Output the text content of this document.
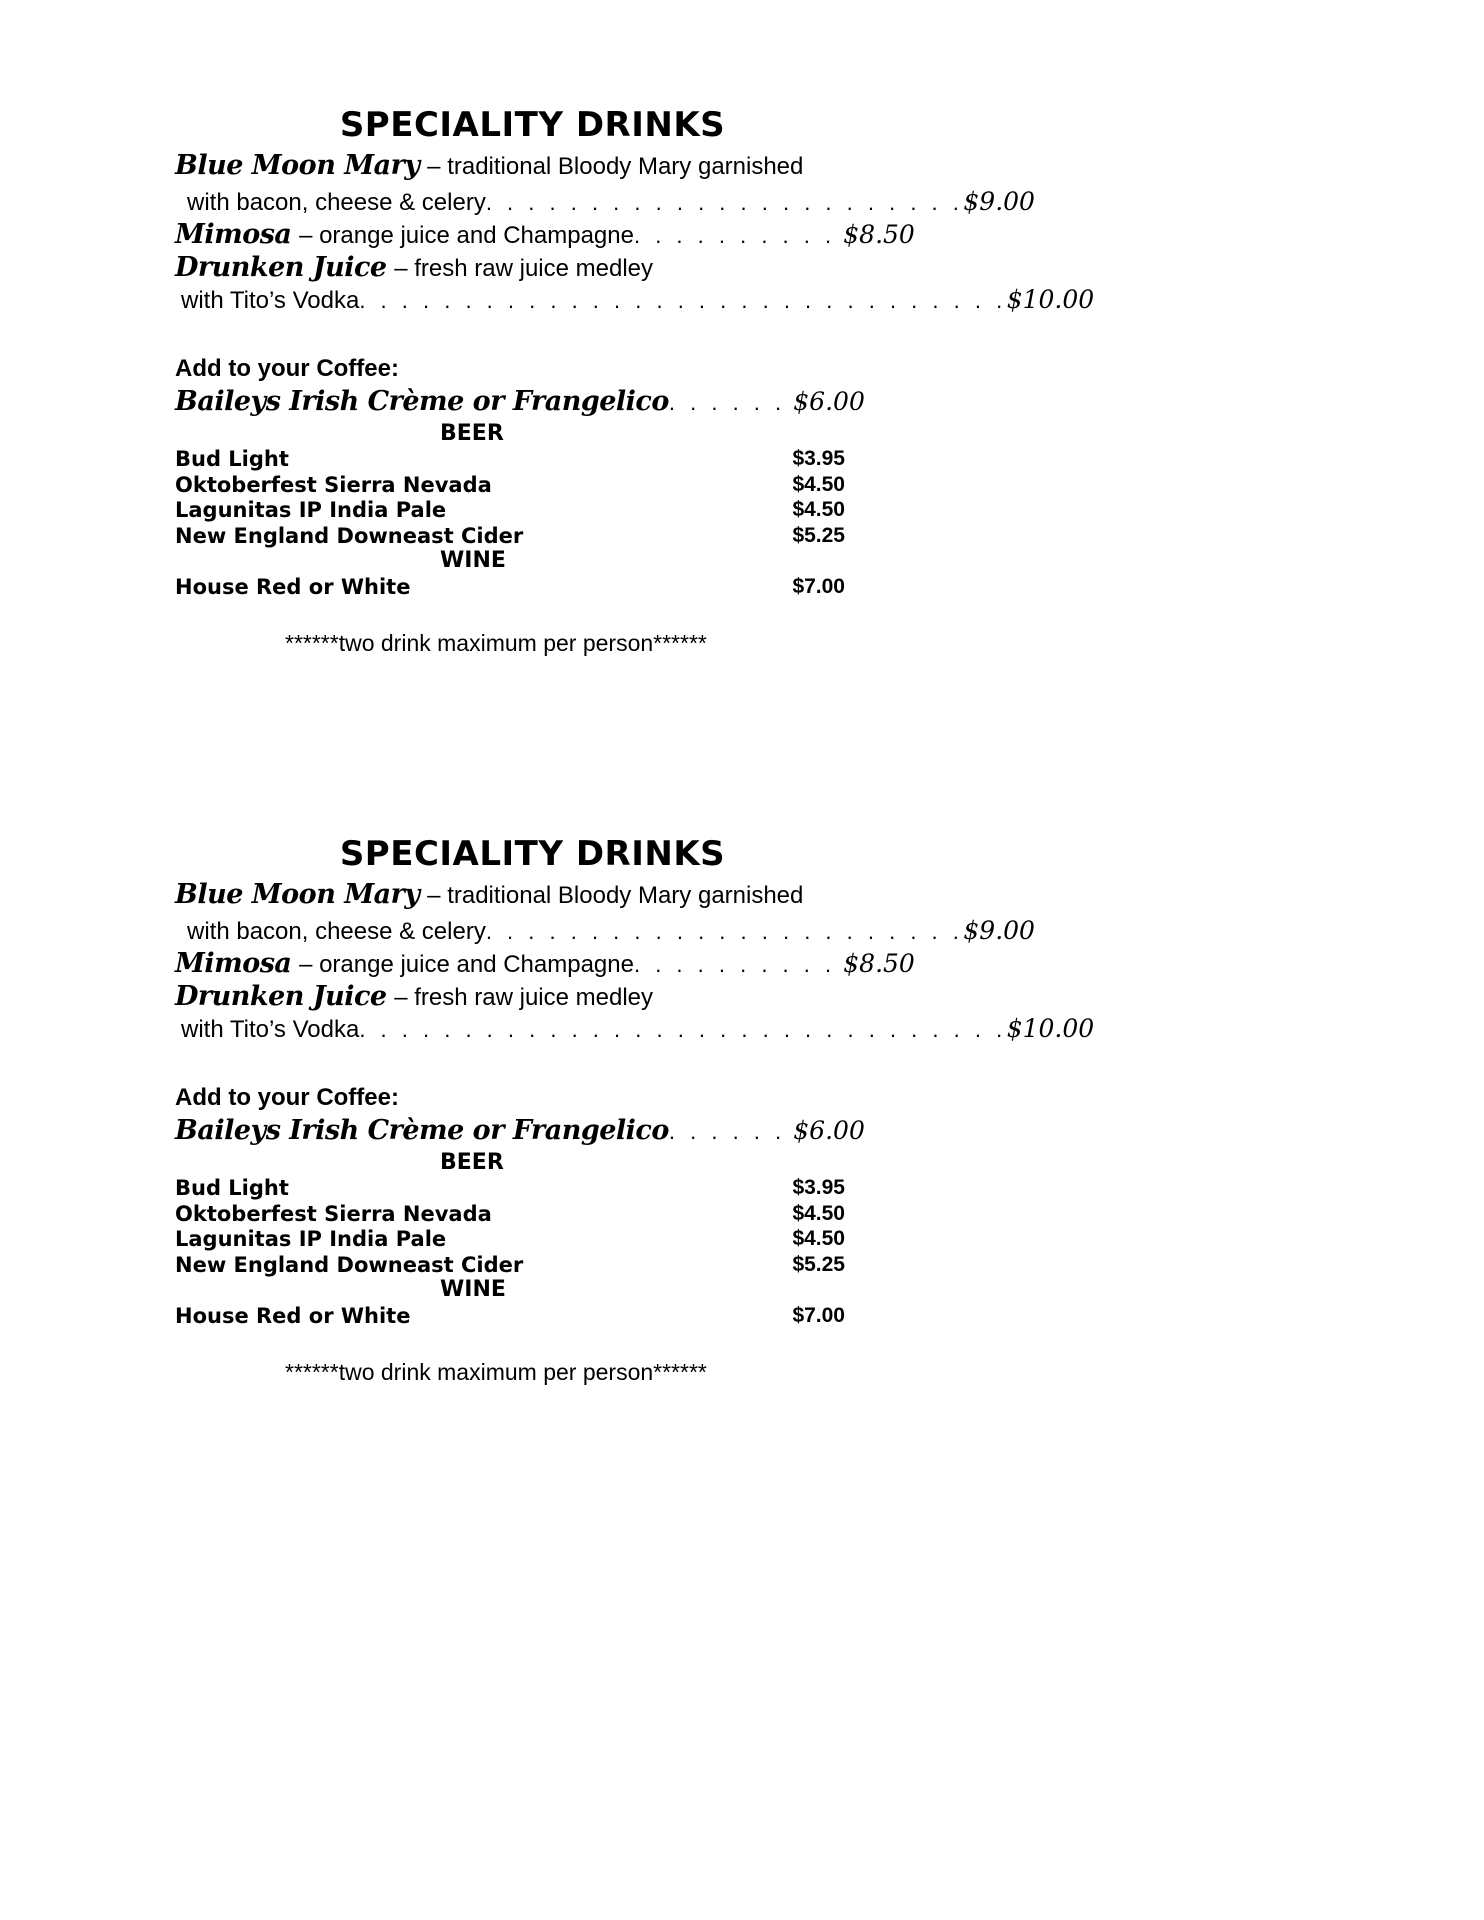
SPECIALITY DRINKS
Blue Moon Mary – traditional Bloody Mary garnished
with bacon, cheese & celery. . . . . . . . . . . . . . . . . . . . . . .$9.00
Mimosa – orange juice and Champagne. . . . . . . . . . $8.50
Drunken Juice – fresh raw juice medley
with Tito’s Vodka. . . . . . . . . . . . . . . . . . . . . . . . . . . . . . .$10.00
Add to your Coffee:
Baileys Irish Crème or Frangelico. . . . . . $6.00
BEER
Bud Light	$3.95
Oktoberfest Sierra Nevada	$4.50
Lagunitas IP India Pale	$4.50
New England Downeast Cider	$5.25
WINE
House Red or White	$7.00
******two drink maximum per person******
SPECIALITY DRINKS
Blue Moon Mary – traditional Bloody Mary garnished
with bacon, cheese & celery. . . . . . . . . . . . . . . . . . . . . . .$9.00
Mimosa – orange juice and Champagne. . . . . . . . . . $8.50
Drunken Juice – fresh raw juice medley
with Tito’s Vodka. . . . . . . . . . . . . . . . . . . . . . . . . . . . . . .$10.00
Add to your Coffee:
Baileys Irish Crème or Frangelico. . . . . . $6.00
BEER
Bud Light	$3.95
Oktoberfest Sierra Nevada	$4.50
Lagunitas IP India Pale	$4.50
New England Downeast Cider	$5.25
WINE
House Red or White	$7.00
******two drink maximum per person******
